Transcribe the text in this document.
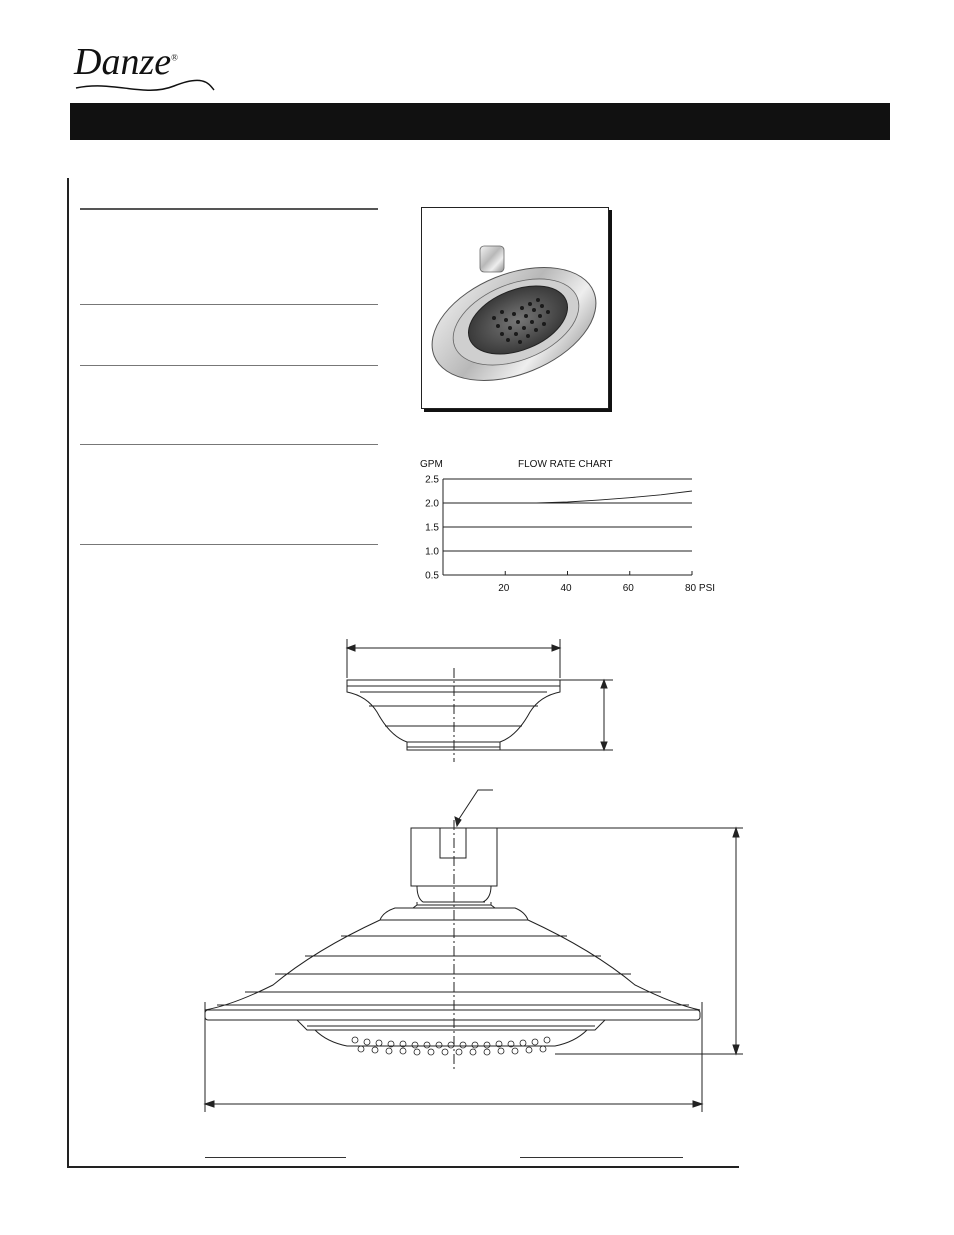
Danze®
GPM	FLOW RATE CHART
0.5
1.0
1.5
2.0
2.5
20	40	60	80 PSI
